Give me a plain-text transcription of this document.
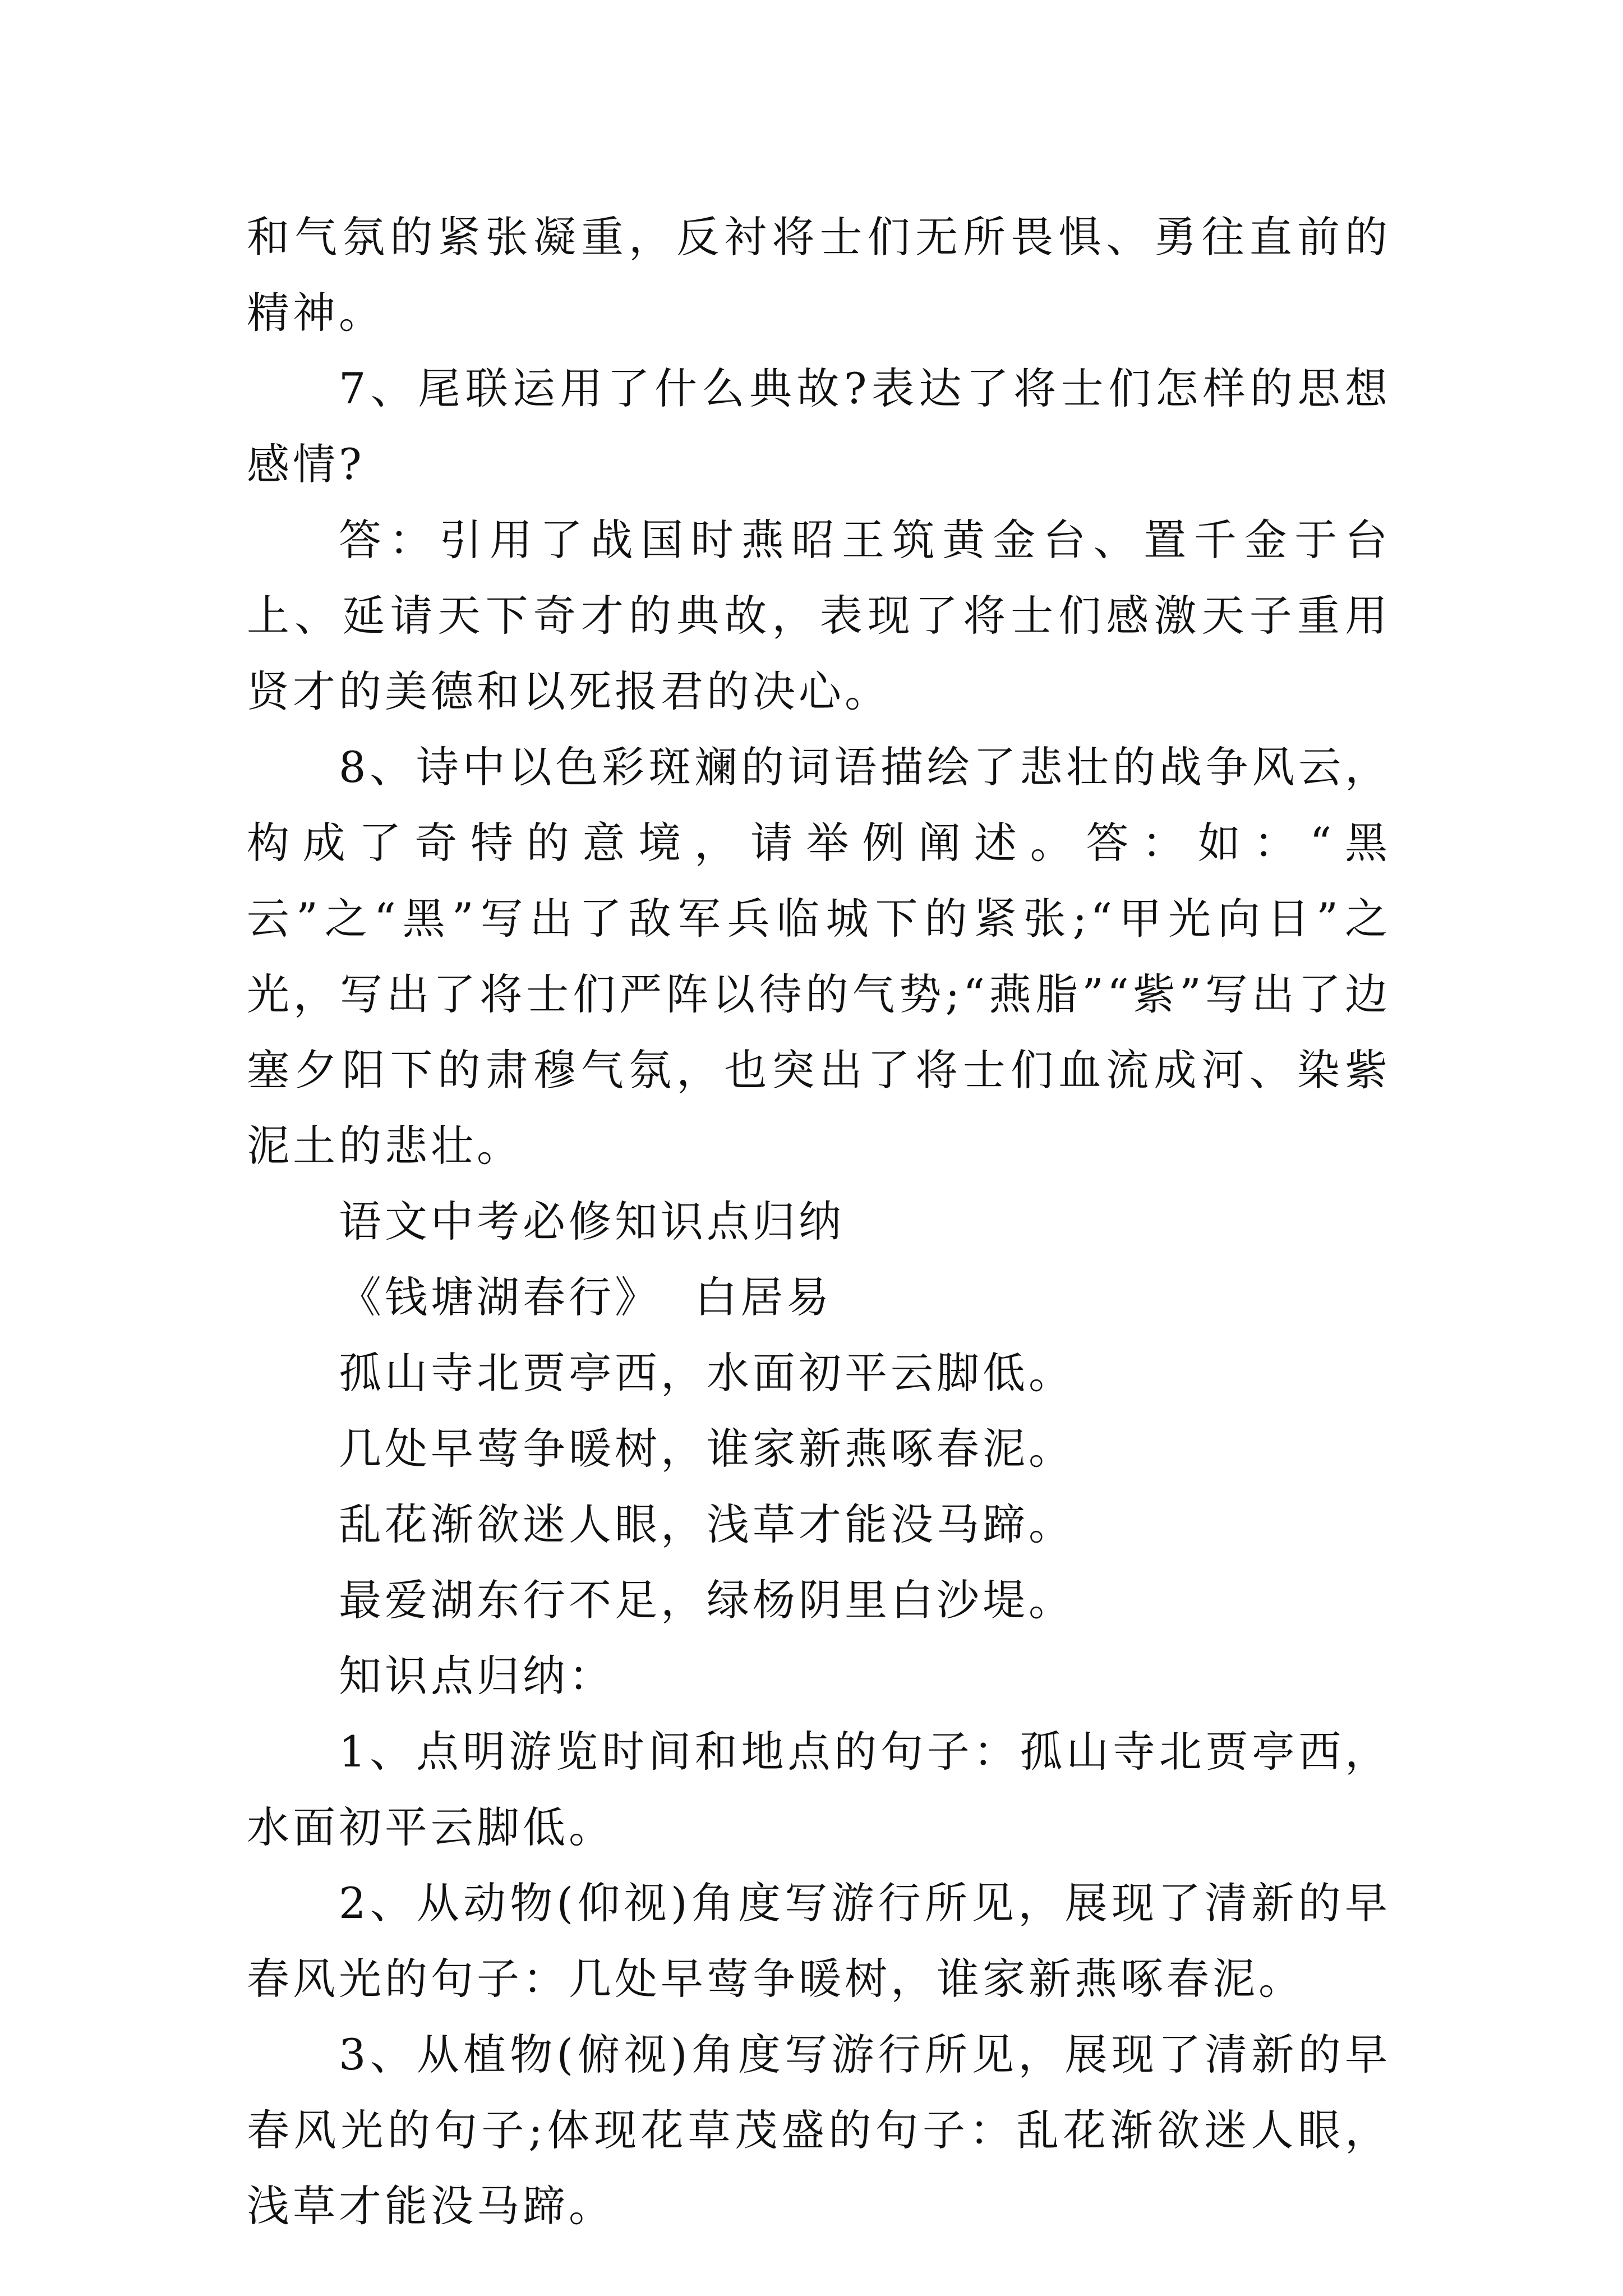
和气氛的紧张凝重，反衬将士们无所畏惧、勇往直前的精神。

7、尾联运用了什么典故?表达了将士们怎样的思想感情?

答：引用了战国时燕昭王筑黄金台、置千金于台上、延请天下奇才的典故，表现了将士们感激天子重用贤才的美德和以死报君的决心。

8、诗中以色彩斑斓的词语描绘了悲壮的战争风云，构成了奇特的意境，请举例阐述。答：如：“黑云”之“黑”写出了敌军兵临城下的紧张;“甲光向日”之光，写出了将士们严阵以待的气势;“燕脂”“紫”写出了边塞夕阳下的肃穆气氛，也突出了将士们血流成河、染紫泥土的悲壮。

语文中考必修知识点归纳

《钱塘湖春行》  白居易

孤山寺北贾亭西，水面初平云脚低。

几处早莺争暖树，谁家新燕啄春泥。

乱花渐欲迷人眼，浅草才能没马蹄。

最爱湖东行不足，绿杨阴里白沙堤。

知识点归纳：

1、点明游览时间和地点的句子：孤山寺北贾亭西，水面初平云脚低。

2、从动物(仰视)角度写游行所见，展现了清新的早春风光的句子：几处早莺争暖树，谁家新燕啄春泥。

3、从植物(俯视)角度写游行所见，展现了清新的早春风光的句子;体现花草茂盛的句子：乱花渐欲迷人眼，浅草才能没马蹄。
